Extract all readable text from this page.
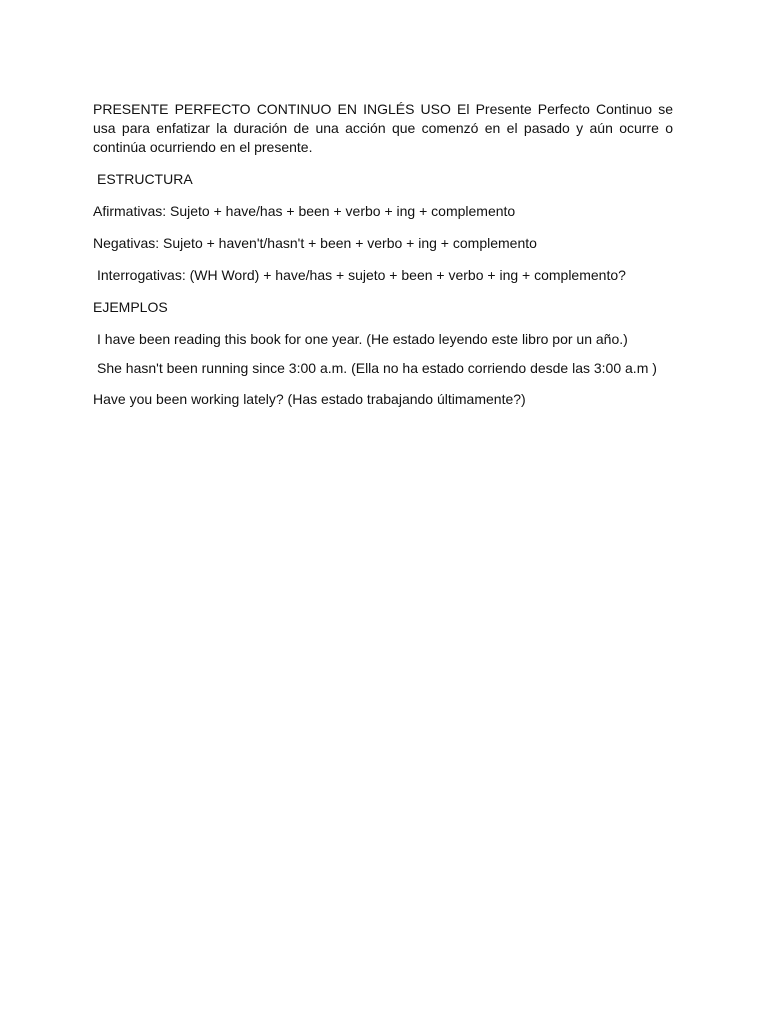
PRESENTE PERFECTO CONTINUO EN INGLÉS USO El Presente Perfecto Continuo se usa para enfatizar la duración de una acción que comenzó en el pasado y aún ocurre o continúa ocurriendo en el presente.

ESTRUCTURA

Afirmativas: Sujeto + have/has + been + verbo + ing + complemento

Negativas: Sujeto + haven't/hasn't + been + verbo + ing + complemento

Interrogativas: (WH Word) + have/has + sujeto + been + verbo + ing + complemento?

EJEMPLOS

I have been reading this book for one year. (He estado leyendo este libro por un año.)

She hasn't been running since 3:00 a.m. (Ella no ha estado corriendo desde las 3:00 a.m )

Have you been working lately? (Has estado trabajando últimamente?)
